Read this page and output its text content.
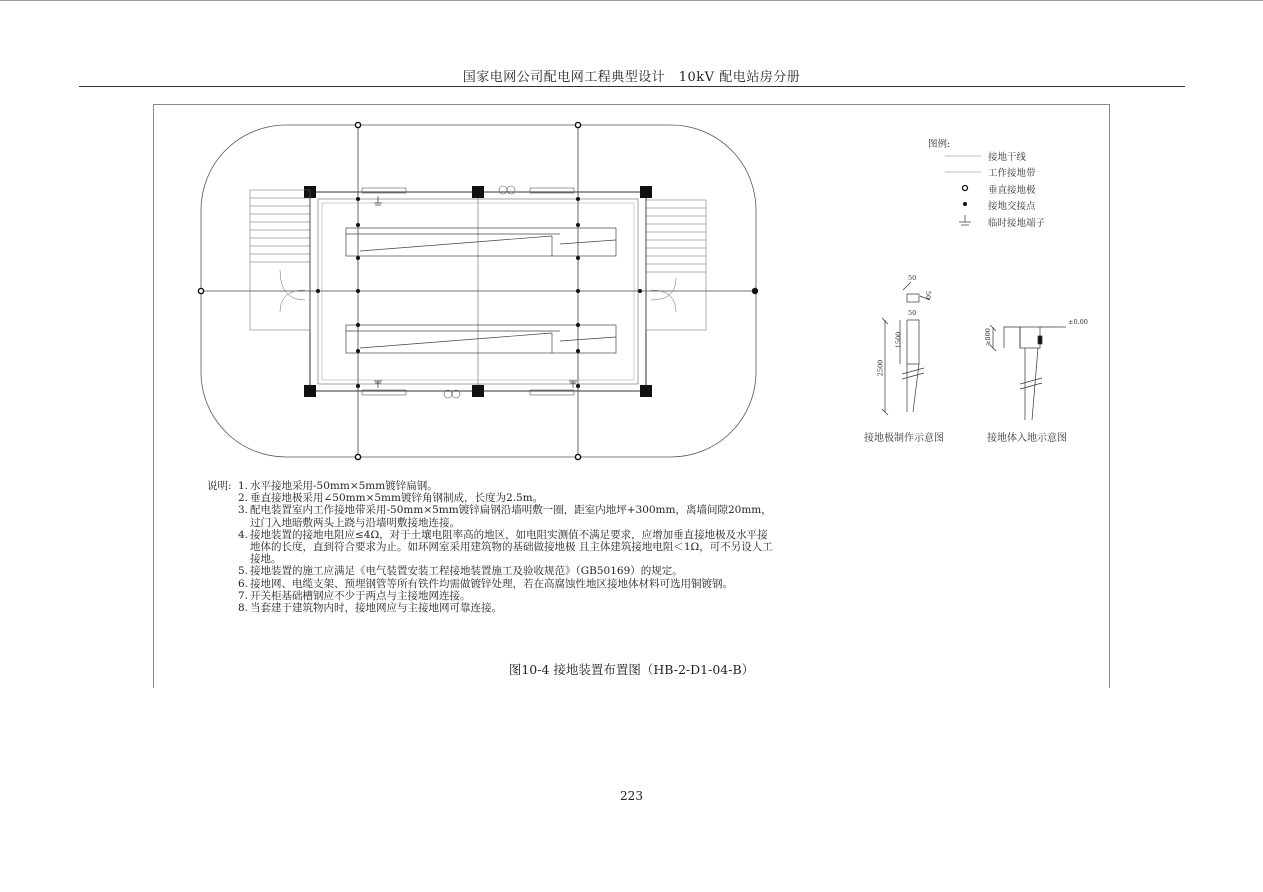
国家电网公司配电网工程典型设计　10kV 配电站房分册
图例:
接地干线
工作接地带
垂直接地极
接地交接点
临时接地端子
50
50
50
1500
2500
≥800
±0.00
接地极制作示意图	接地体入地示意图
说明: 1. 水平接地采用-50mm×5mm镀锌扁钢。
2. 垂直接地极采用∠50mm×5mm镀锌角钢制成，长度为2.5m。
3. 配电装置室内工作接地带采用-50mm×5mm镀锌扁钢沿墙明敷一圈，距室内地坪+300mm，离墙间隙20mm，过门入地暗敷两头上跷与沿墙明敷接地连接。
4. 接地装置的接地电阻应≤4Ω，对于土壤电阻率高的地区，如电阻实测值不满足要求，应增加垂直接地极及水平接地体的长度，直到符合要求为止。如环网室采用建筑物的基础做接地极 且主体建筑接地电阻＜1Ω，可不另设人工接地。
5. 接地装置的施工应满足《电气装置安装工程接地装置施工及验收规范》（GB50169）的规定。
6. 接地网、电缆支架、预埋钢管等所有铁件均需做镀锌处理，若在高腐蚀性地区接地体材料可选用铜镀钢。
7. 开关柜基础槽钢应不少于两点与主接地网连接。
8. 当套建于建筑物内时，接地网应与主接地网可靠连接。
图10-4 接地装置布置图（HB-2-D1-04-B）
223
